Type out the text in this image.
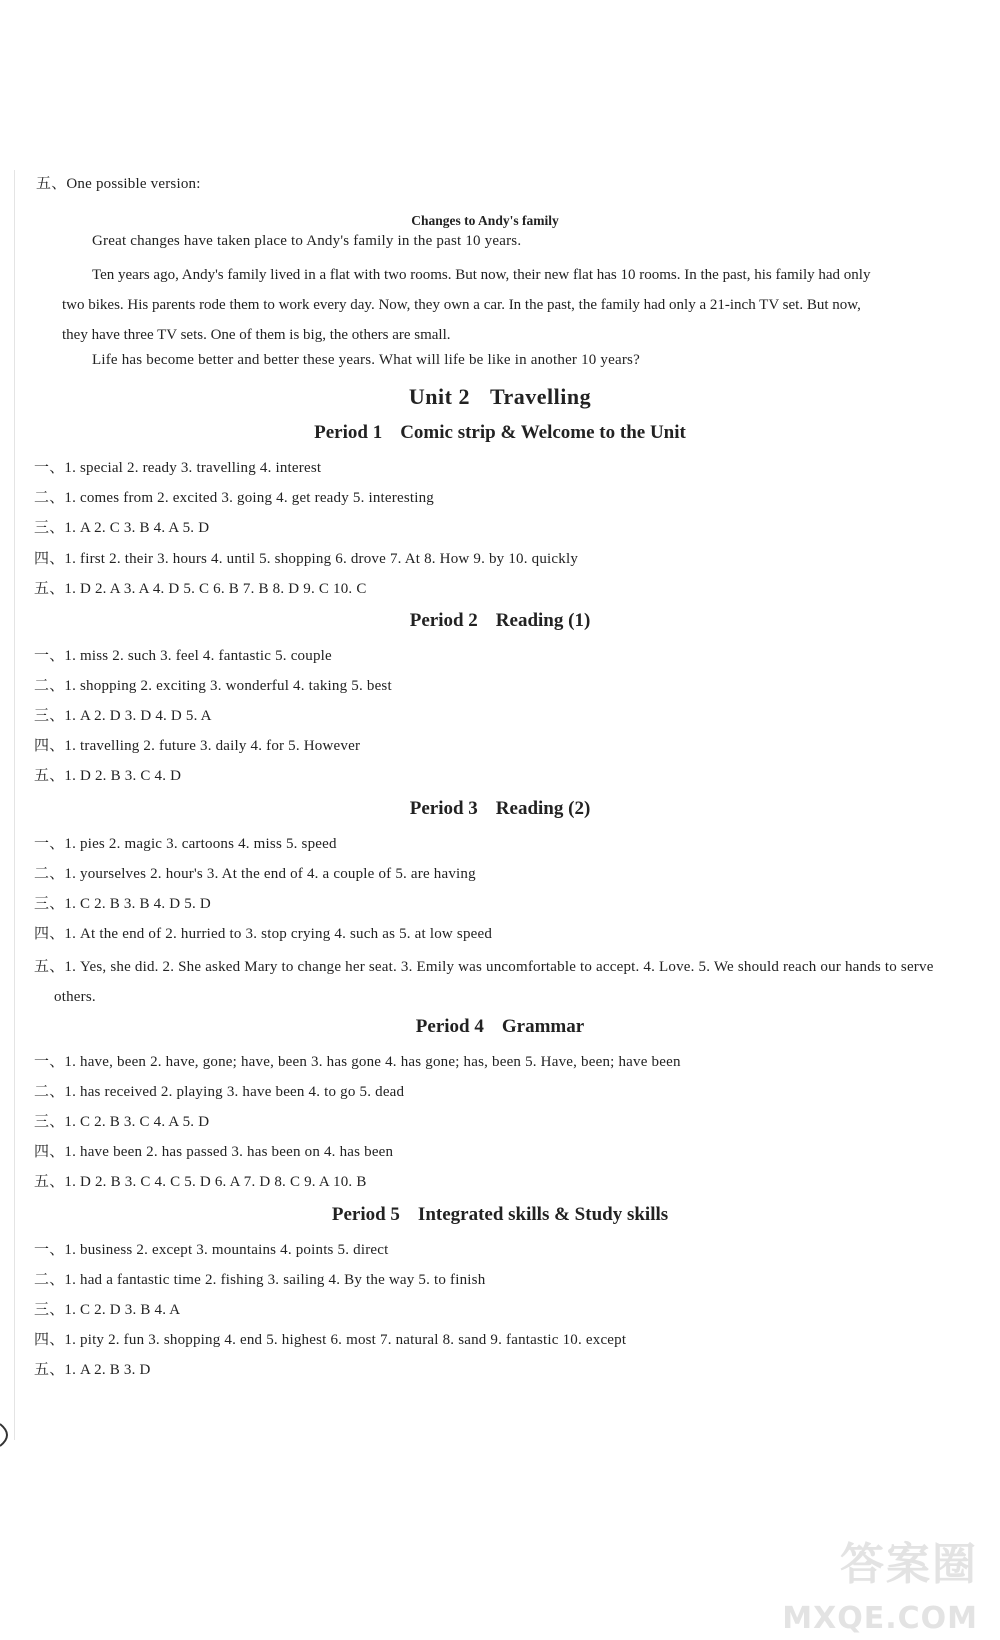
五、One possible version:
Changes to Andy's family
Great changes have taken place to Andy's family in the past 10 years.
Ten years ago, Andy's family lived in a flat with two rooms. But now, their new flat has 10 rooms. In the past, his family had only two bikes. His parents rode them to work every day. Now, they own a car. In the past, the family had only a 21-inch TV set. But now, they have three TV sets. One of them is big, the others are small.
Life has become better and better these years. What will life be like in another 10 years?
Unit 2 Travelling
Period 1 Comic strip & Welcome to the Unit
一、1. special 2. ready 3. travelling 4. interest
二、1. comes from 2. excited 3. going 4. get ready 5. interesting
三、1. A 2. C 3. B 4. A 5. D
四、1. first 2. their 3. hours 4. until 5. shopping 6. drove 7. At 8. How 9. by 10. quickly
五、1. D 2. A 3. A 4. D 5. C 6. B 7. B 8. D 9. C 10. C
Period 2 Reading (1)
一、1. miss 2. such 3. feel 4. fantastic 5. couple
二、1. shopping 2. exciting 3. wonderful 4. taking 5. best
三、1. A 2. D 3. D 4. D 5. A
四、1. travelling 2. future 3. daily 4. for 5. However
五、1. D 2. B 3. C 4. D
Period 3 Reading (2)
一、1. pies 2. magic 3. cartoons 4. miss 5. speed
二、1. yourselves 2. hour's 3. At the end of 4. a couple of 5. are having
三、1. C 2. B 3. B 4. D 5. D
四、1. At the end of 2. hurried to 3. stop crying 4. such as 5. at low speed
五、1. Yes, she did. 2. She asked Mary to change her seat. 3. Emily was uncomfortable to accept. 4. Love. 5. We should reach our hands to serve others.
Period 4 Grammar
一、1. have, been 2. have, gone; have, been 3. has gone 4. has gone; has, been 5. Have, been; have been
二、1. has received 2. playing 3. have been 4. to go 5. dead
三、1. C 2. B 3. C 4. A 5. D
四、1. have been 2. has passed 3. has been on 4. has been
五、1. D 2. B 3. C 4. C 5. D 6. A 7. D 8. C 9. A 10. B
Period 5 Integrated skills & Study skills
一、1. business 2. except 3. mountains 4. points 5. direct
二、1. had a fantastic time 2. fishing 3. sailing 4. By the way 5. to finish
三、1. C 2. D 3. B 4. A
四、1. pity 2. fun 3. shopping 4. end 5. highest 6. most 7. natural 8. sand 9. fantastic 10. except
五、1. A 2. B 3. D
答案圈
MXQE.COM
